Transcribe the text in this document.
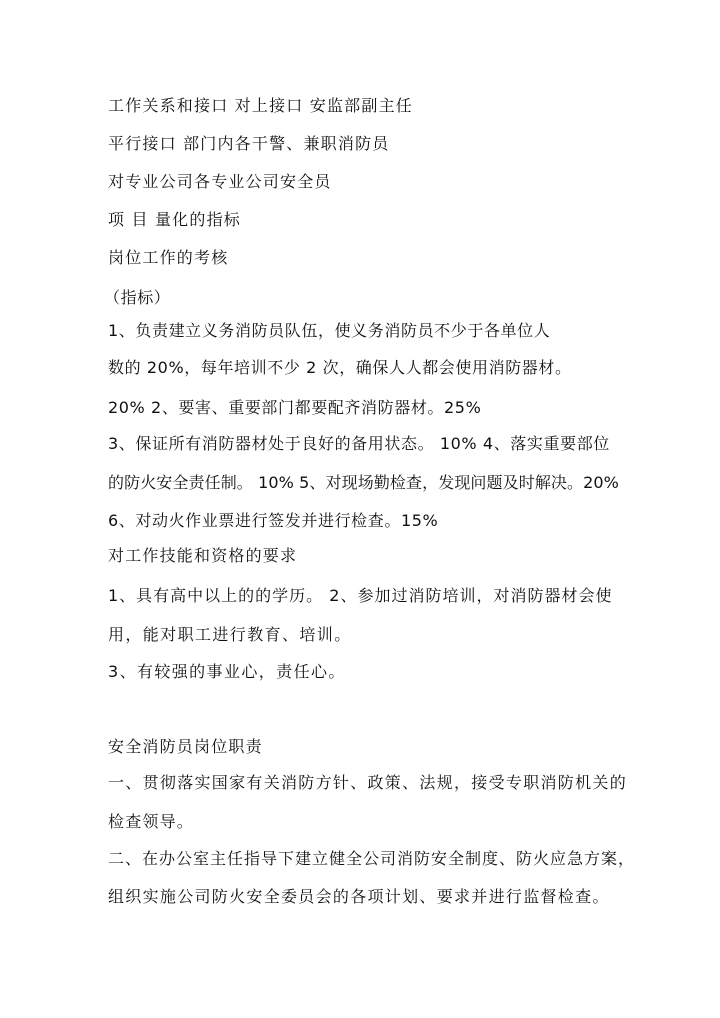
工作关系和接口 对上接口 安监部副主任
平行接口 部门内各干警、兼职消防员
对专业公司各专业公司安全员
项 目 量化的指标
岗位工作的考核
（指标）
1、负责建立义务消防员队伍，使义务消防员不少于各单位人
数的 20%，每年培训不少 2 次，确保人人都会使用消防器材。
20% 2、要害、重要部门都要配齐消防器材。25%
3、保证所有消防器材处于良好的备用状态。 10% 4、落实重要部位
的防火安全责任制。 10% 5、对现场勤检查，发现问题及时解决。20%
6、对动火作业票进行签发并进行检查。15%
对工作技能和资格的要求
1、具有高中以上的的学历。 2、参加过消防培训，对消防器材会使
用，能对职工进行教育、培训。
3、有较强的事业心，责任心。
安全消防员岗位职责
一、贯彻落实国家有关消防方针、政策、法规，接受专职消防机关的
检查领导。
二、在办公室主任指导下建立健全公司消防安全制度、防火应急方案，
组织实施公司防火安全委员会的各项计划、要求并进行监督检查。
